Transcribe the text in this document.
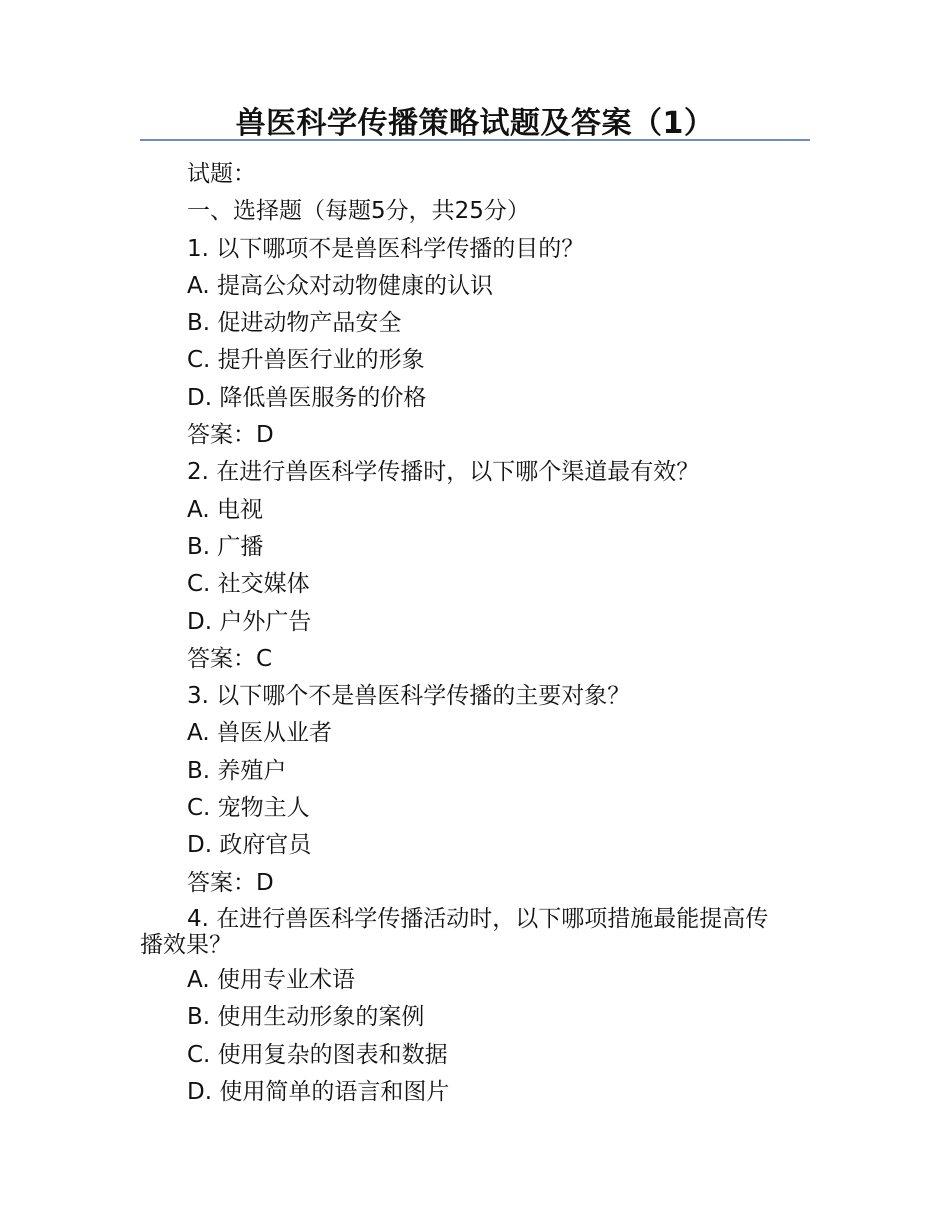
兽医科学传播策略试题及答案（1）
试题：
一、选择题（每题5分，共25分）
1. 以下哪项不是兽医科学传播的目的？
A. 提高公众对动物健康的认识
B. 促进动物产品安全
C. 提升兽医行业的形象
D. 降低兽医服务的价格
答案：D
2. 在进行兽医科学传播时，以下哪个渠道最有效？
A. 电视
B. 广播
C. 社交媒体
D. 户外广告
答案：C
3. 以下哪个不是兽医科学传播的主要对象？
A. 兽医从业者
B. 养殖户
C. 宠物主人
D. 政府官员
答案：D
4. 在进行兽医科学传播活动时，以下哪项措施最能提高传
播效果？
A. 使用专业术语
B. 使用生动形象的案例
C. 使用复杂的图表和数据
D. 使用简单的语言和图片
